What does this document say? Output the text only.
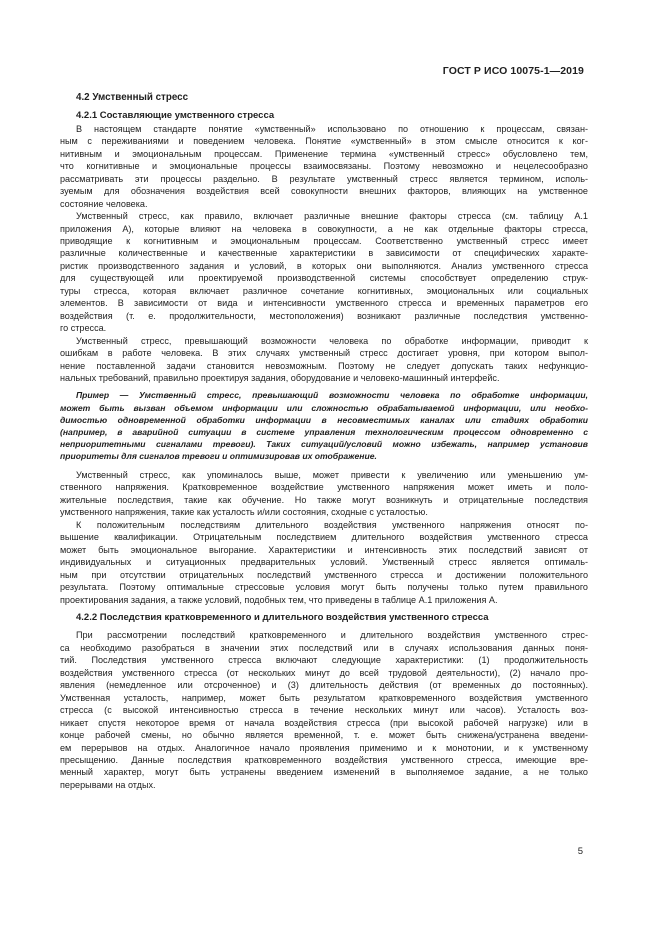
ГОСТ Р ИСО 10075-1—2019
4.2 Умственный стресс
4.2.1 Составляющие умственного стресса
В настоящем стандарте понятие «умственный» использовано по отношению к процессам, связан-
ным с переживаниями и поведением человека. Понятие «умственный» в этом смысле относится к ког-
нитивным и эмоциональным процессам. Применение термина «умственный стресс» обусловлено тем,
что когнитивные и эмоциональные процессы взаимосвязаны. Поэтому невозможно и нецелесообразно
рассматривать эти процессы раздельно. В результате умственный стресс является термином, исполь-
зуемым для обозначения воздействия всей совокупности внешних факторов, влияющих на умственное
состояние человека.
Умственный стресс, как правило, включает различные внешние факторы стресса (см. таблицу А.1
приложения А), которые влияют на человека в совокупности, а не как отдельные факторы стресса,
приводящие к когнитивным и эмоциональным процессам. Соответственно умственный стресс имеет
различные количественные и качественные характеристики в зависимости от специфических характе-
ристик производственного задания и условий, в которых они выполняются. Анализ умственного стресса
для существующей или проектируемой производственной системы способствует определению струк-
туры стресса, которая включает различное сочетание когнитивных, эмоциональных или социальных
элементов. В зависимости от вида и интенсивности умственного стресса и временных параметров его
воздействия (т. е. продолжительности, местоположения) возникают различные последствия умственно-
го стресса.
Умственный стресс, превышающий возможности человека по обработке информации, приводит к
ошибкам в работе человека. В этих случаях умственный стресс достигает уровня, при котором выпол-
нение поставленной задачи становится невозможным. Поэтому не следует допускать таких нефункцио-
нальных требований, правильно проектируя задания, оборудование и человеко-машинный интерфейс.
Пример — Умственный стресс, превышающий возможности человека по обработке информации,
может быть вызван объемом информации или сложностью обрабатываемой информации, или необхо-
димостью одновременной обработки информации в несовместимых каналах или стадиях обработки
(например, в аварийной ситуации в системе управления технологическим процессом одновременно с
неприоритетными сигналами тревоги). Таких ситуаций/условий можно избежать, например установив
приоритеты для сигналов тревоги и оптимизировав их отображение.
Умственный стресс, как упоминалось выше, может привести к увеличению или уменьшению ум-
ственного напряжения. Кратковременное воздействие умственного напряжения может иметь и поло-
жительные последствия, такие как обучение. Но также могут возникнуть и отрицательные последствия
умственного напряжения, такие как усталость и/или состояния, сходные с усталостью.
К положительным последствиям длительного воздействия умственного напряжения относят по-
вышение квалификации. Отрицательным последствием длительного воздействия умственного стресса
может быть эмоциональное выгорание. Характеристики и интенсивность этих последствий зависят от
индивидуальных и ситуационных предварительных условий. Умственный стресс является оптималь-
ным при отсутствии отрицательных последствий умственного стресса и достижении положительного
результата. Поэтому оптимальные стрессовые условия могут быть получены только путем правильного
проектирования задания, а также условий, подобных тем, что приведены в таблице А.1 приложения А.
4.2.2 Последствия кратковременного и длительного воздействия умственного стресса
При рассмотрении последствий кратковременного и длительного воздействия умственного стрес-
са необходимо разобраться в значении этих последствий или в случаях использования данных поня-
тий. Последствия умственного стресса включают следующие характеристики: (1) продолжительность
воздействия умственного стресса (от нескольких минут до всей трудовой деятельности), (2) начало про-
явления (немедленное или отсроченное) и (3) длительность действия (от временных до постоянных).
Умственная усталость, например, может быть результатом кратковременного воздействия умственного
стресса (с высокой интенсивностью стресса в течение нескольких минут или часов). Усталость воз-
никает спустя некоторое время от начала воздействия стресса (при высокой рабочей нагрузке) или в
конце рабочей смены, но обычно является временной, т. е. может быть снижена/устранена введени-
ем перерывов на отдых. Аналогичное начало проявления применимо и к монотонии, и к умственному
пресыщению. Данные последствия кратковременного воздействия умственного стресса, имеющие вре-
менный характер, могут быть устранены введением изменений в выполняемое задание, а не только
перерывами на отдых.
5
